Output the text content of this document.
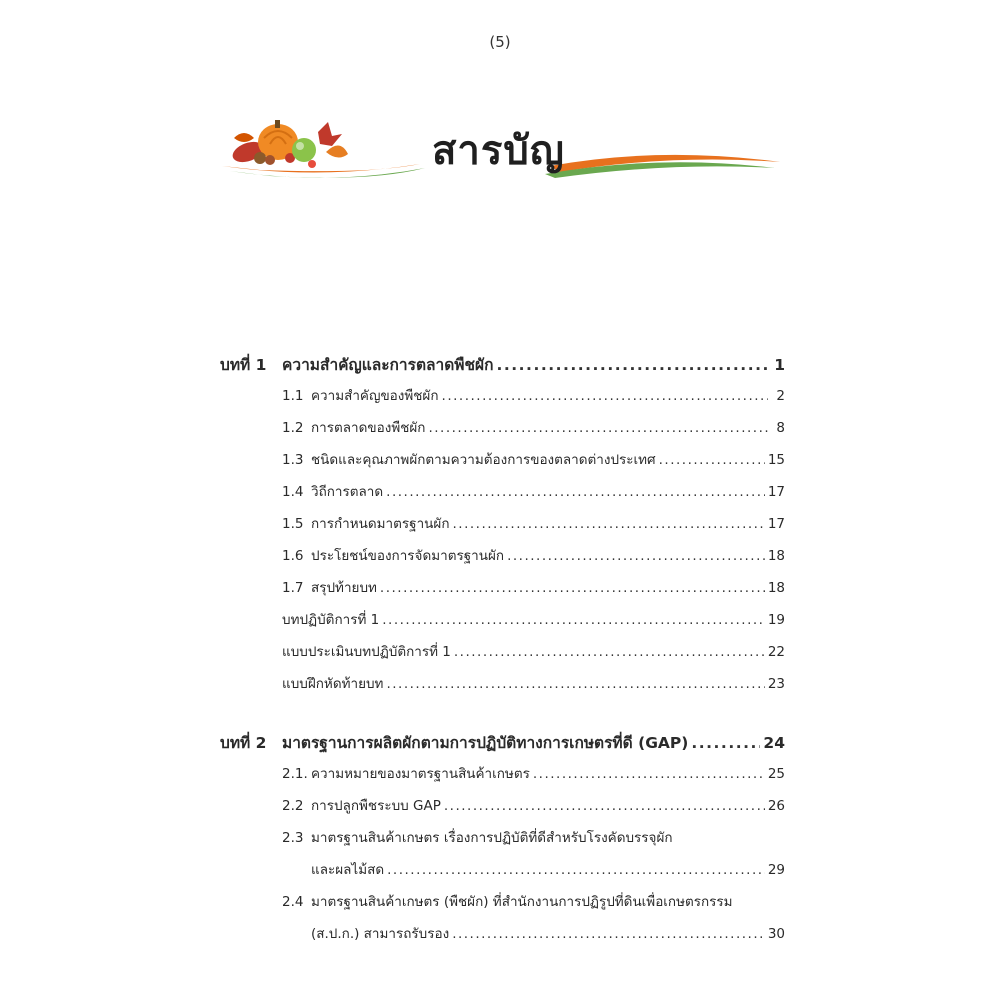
(5)
สารบัญ
บทที่ 1	ความสำคัญและการตลาดพืชผัก .....	1
1.1 ความสำคัญของพืชผัก .....	2
1.2 การตลาดของพืชผัก .....	8
1.3 ชนิดและคุณภาพผักตามความต้องการของตลาดต่างประเทศ .....	15
1.4 วิถีการตลาด .....	17
1.5 การกำหนดมาตรฐานผัก .....	17
1.6 ประโยชน์ของการจัดมาตรฐานผัก .....	18
1.7 สรุปท้ายบท .....	18
บทปฏิบัติการที่ 1 .....	19
แบบประเมินบทปฏิบัติการที่ 1 .....	22
แบบฝึกหัดท้ายบท .....	23
บทที่ 2	มาตรฐานการผลิตผักตามการปฏิบัติทางการเกษตรที่ดี (GAP) .....	24
2.1. ความหมายของมาตรฐานสินค้าเกษตร .....	25
2.2 การปลูกพืชระบบ GAP .....	26
2.3 มาตรฐานสินค้าเกษตร เรื่องการปฏิบัติที่ดีสำหรับโรงคัดบรรจุผัก
และผลไม้สด .....	29
2.4 มาตรฐานสินค้าเกษตร (พืชผัก) ที่สำนักงานการปฏิรูปที่ดินเพื่อเกษตรกรรม
(ส.ป.ก.) สามารถรับรอง .....	30
